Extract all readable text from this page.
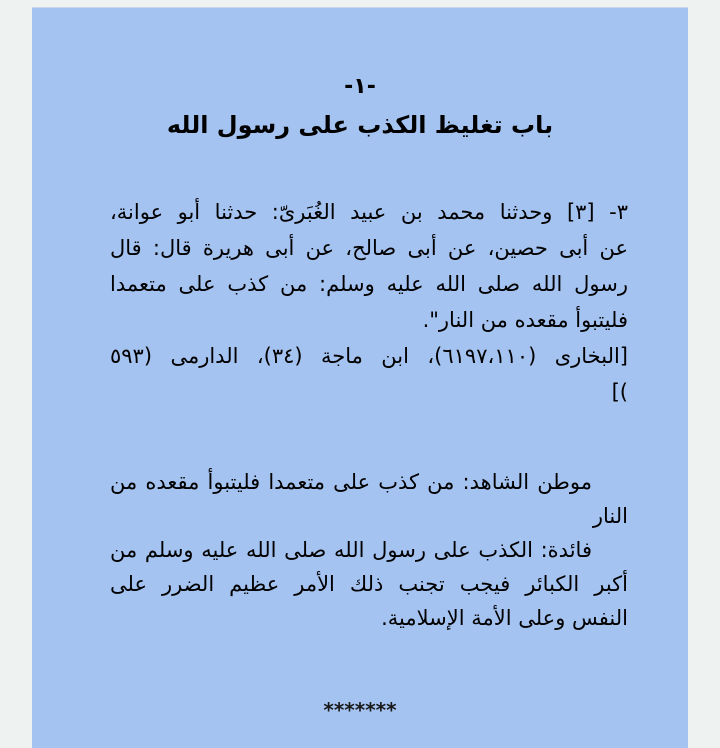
-١-
باب تغليظ الكذب على رسول الله
٣- [٣] وحدثنا محمد بن عبيد الغُبَرىّ: حدثنا أبو عوانة،
عن أبى حصين، عن أبى صالح، عن أبى هريرة قال: قال
رسول الله صلى الله عليه وسلم: من كذب على متعمدا
فليتبوأ مقعده من النار".
[البخارى (٦١٩٧،١١٠)، ابن ماجة (٣٤)، الدارمى (٥٩٣
)]
موطن الشاهد: من كذب على متعمدا فليتبوأ مقعده من
النار
فائدة: الكذب على رسول الله صلى الله عليه وسلم من
أكبر الكبائر فيجب تجنب ذلك الأمر عظيم الضرر على
النفس وعلى الأمة الإسلامية.
*******
